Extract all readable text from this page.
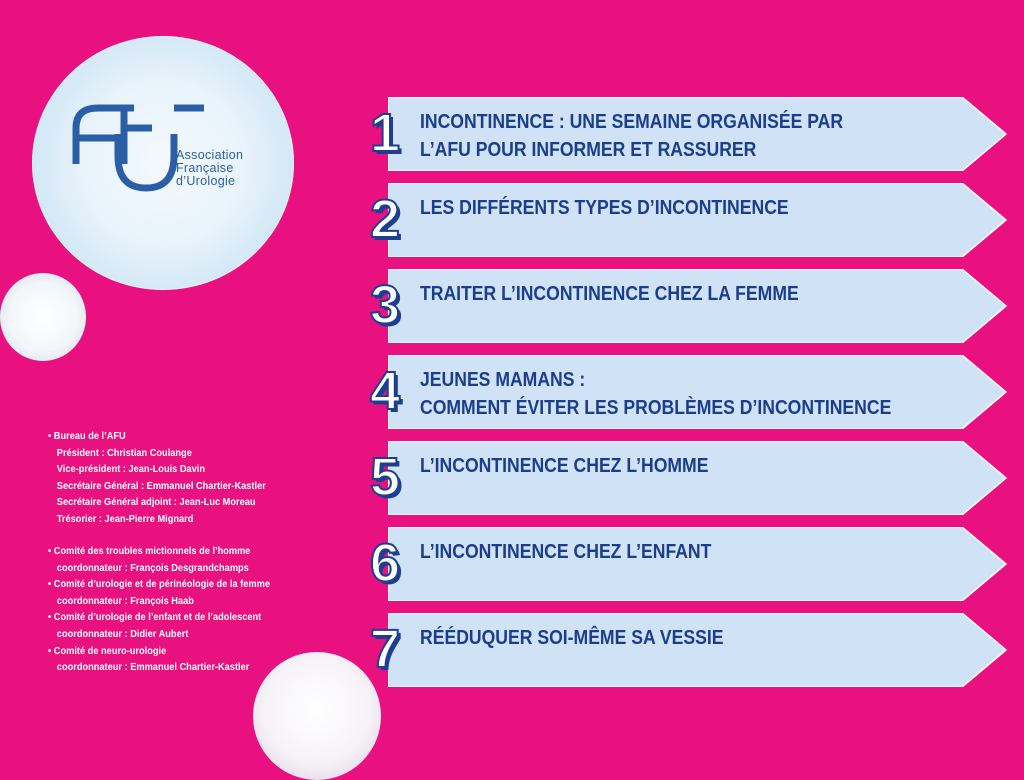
Association
Française
d’Urologie
• Bureau de l’AFU
Président : Christian Coulange
Vice-président : Jean-Louis Davin
Secrétaire Général : Emmanuel Chartier-Kastler
Secrétaire Général adjoint : Jean-Luc Moreau
Trésorier : Jean-Pierre Mignard
• Comité des troubles mictionnels de l’homme
coordonnateur : François Desgrandchamps
• Comité d’urologie et de périnéologie de la femme
coordonnateur : François Haab
• Comité d’urologie de l’enfant et de l’adolescent
coordonnateur : Didier Aubert
• Comité de neuro-urologie
coordonnateur : Emmanuel Chartier-Kastler
1 INCONTINENCE : UNE SEMAINE ORGANISÉE PAR
L’AFU POUR INFORMER ET RASSURER
2 LES DIFFÉRENTS TYPES D’INCONTINENCE
3 TRAITER L’INCONTINENCE CHEZ LA FEMME
4 JEUNES MAMANS :
COMMENT ÉVITER LES PROBLÈMES D’INCONTINENCE
5 L’INCONTINENCE CHEZ L’HOMME
6 L’INCONTINENCE CHEZ L’ENFANT
7 RÉÉDUQUER SOI-MÊME SA VESSIE
